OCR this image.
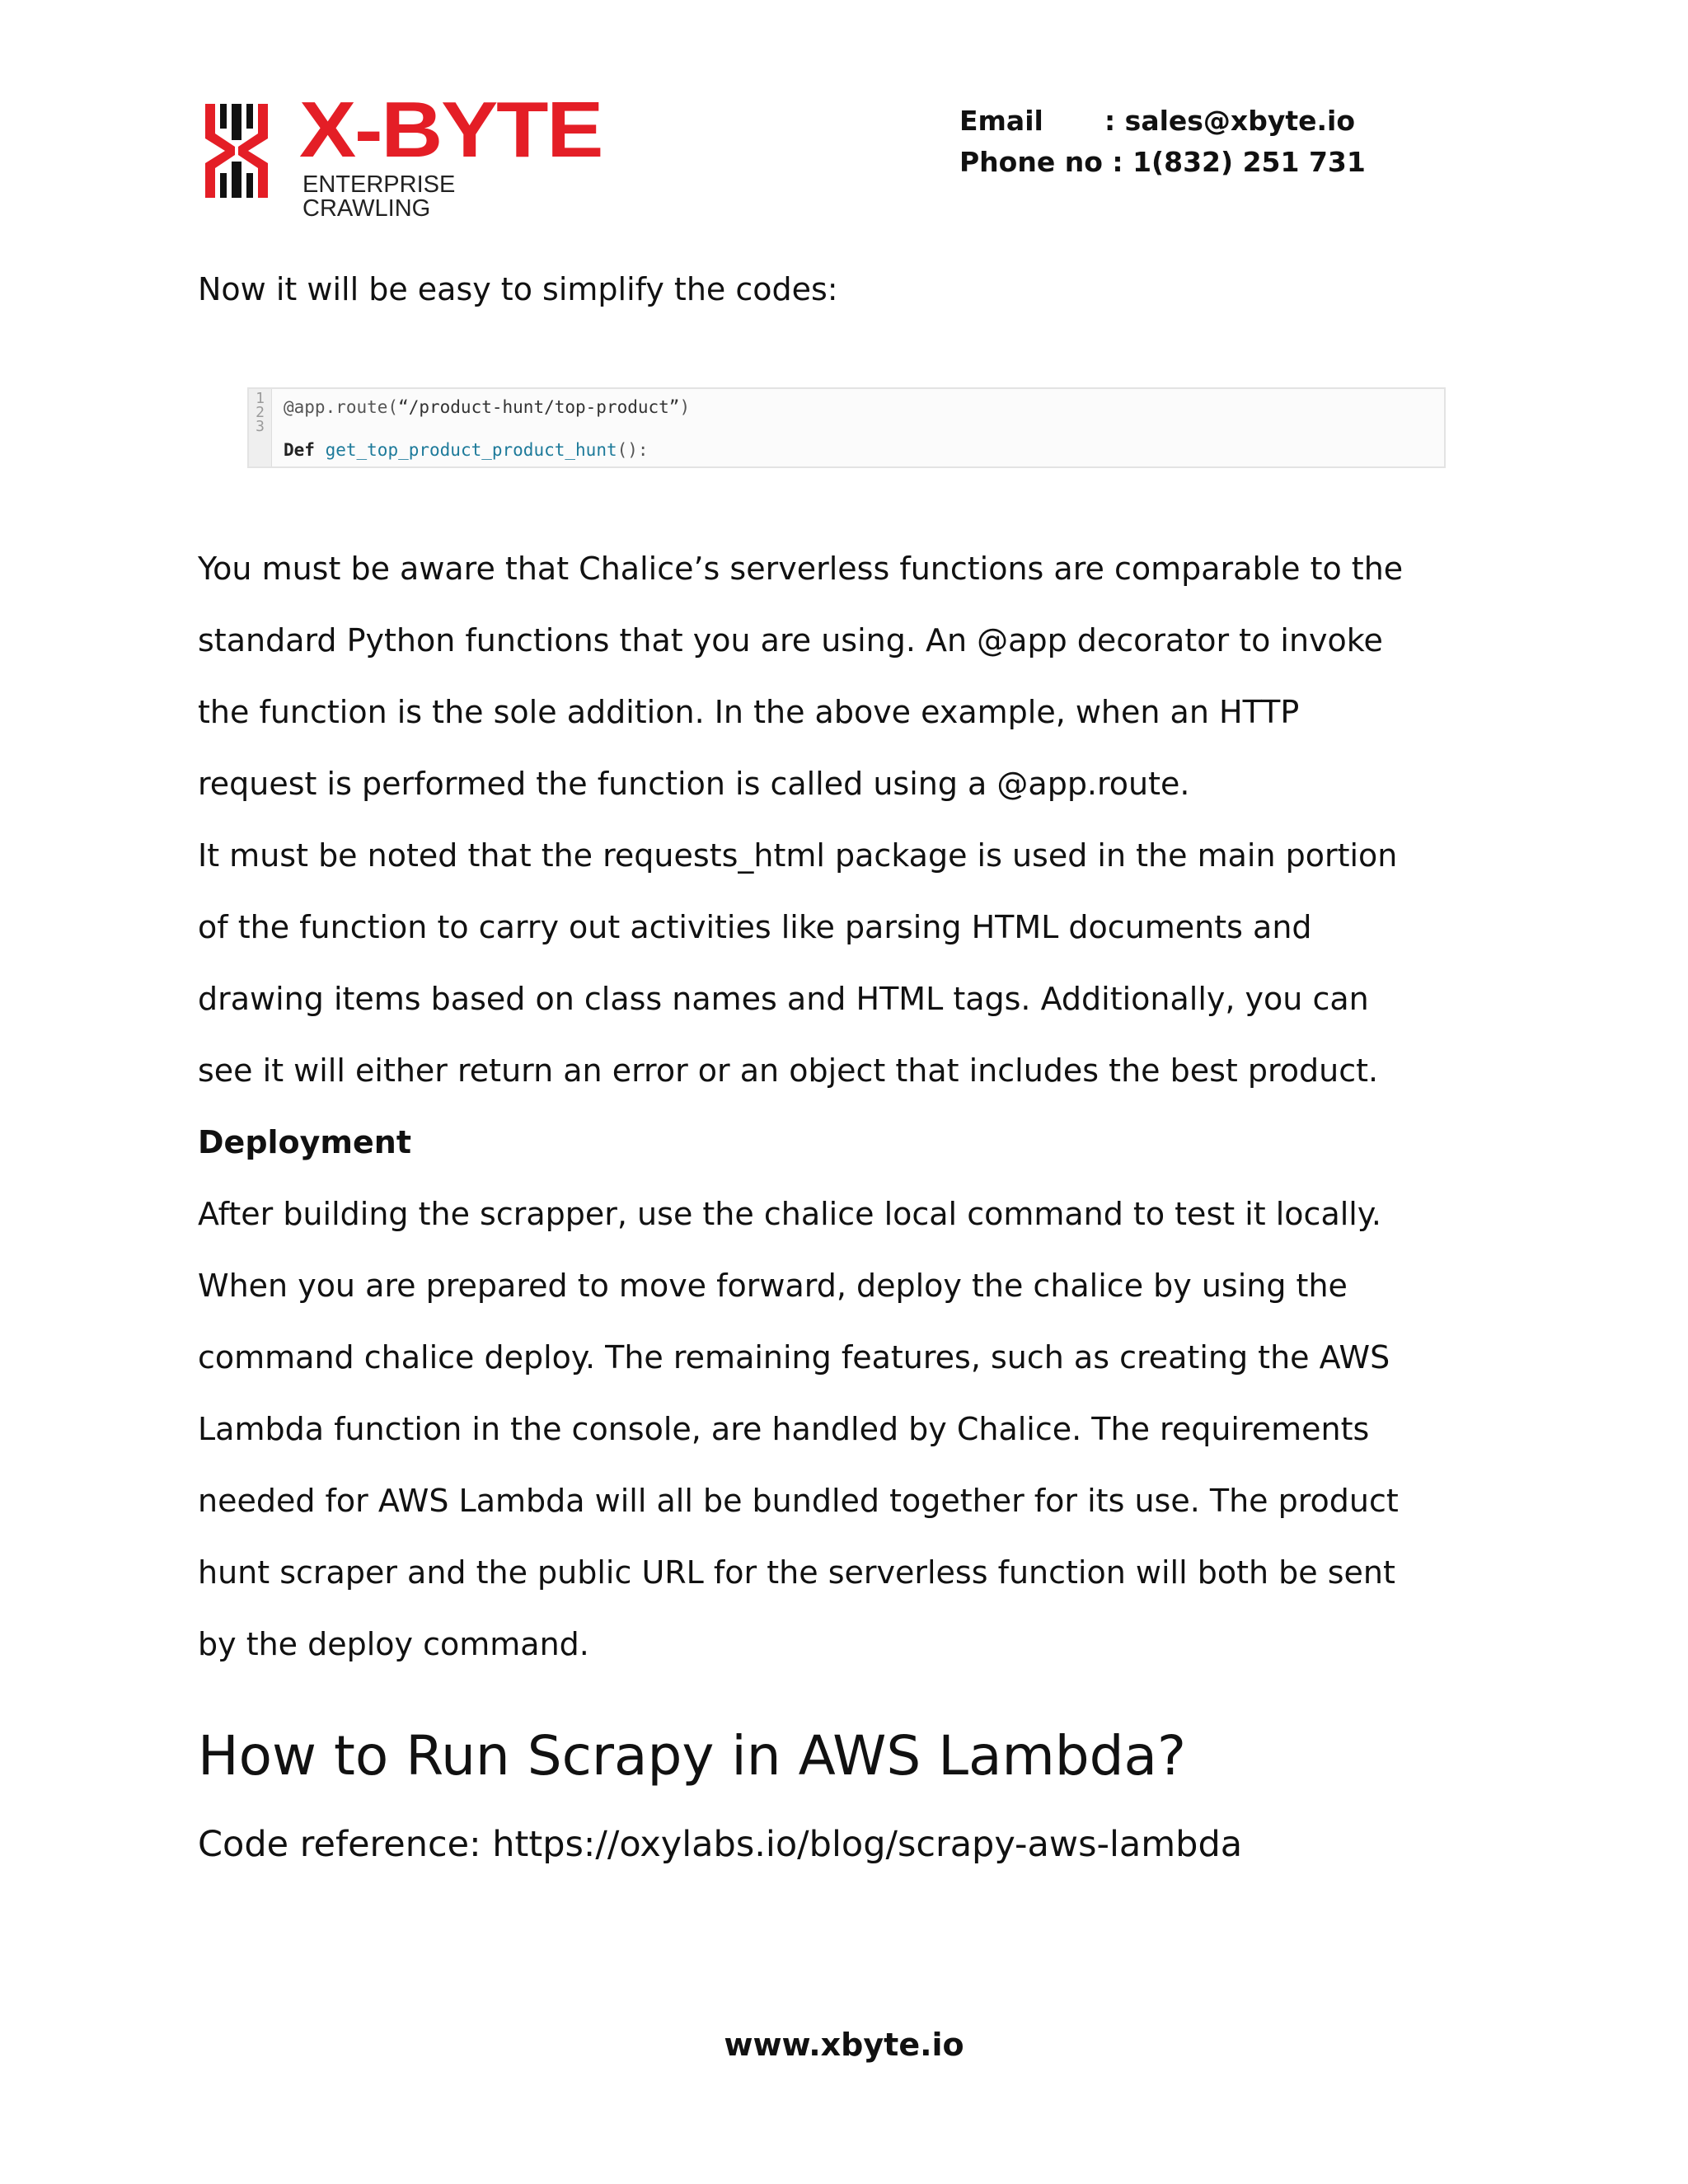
X-BYTE
ENTERPRISE CRAWLING
Email : sales@xbyte.io
Phone no : 1(832) 251 731

Now it will be easy to simplify the codes:

1
2
3
@app.route(“/product-hunt/top-product”)
Def get_top_product_product_hunt():

You must be aware that Chalice’s serverless functions are comparable to the

standard Python functions that you are using. An @app decorator to invoke

the function is the sole addition. In the above example, when an HTTP

request is performed the function is called using a @app.route.

It must be noted that the requests_html package is used in the main portion

of the function to carry out activities like parsing HTML documents and

drawing items based on class names and HTML tags. Additionally, you can

see it will either return an error or an object that includes the best product.

Deployment

After building the scrapper, use the chalice local command to test it locally.

When you are prepared to move forward, deploy the chalice by using the

command chalice deploy. The remaining features, such as creating the AWS

Lambda function in the console, are handled by Chalice. The requirements

needed for AWS Lambda will all be bundled together for its use. The product

hunt scraper and the public URL for the serverless function will both be sent

by the deploy command.

How to Run Scrapy in AWS Lambda?
Code reference: https://oxylabs.io/blog/scrapy-aws-lambda
www.xbyte.io
